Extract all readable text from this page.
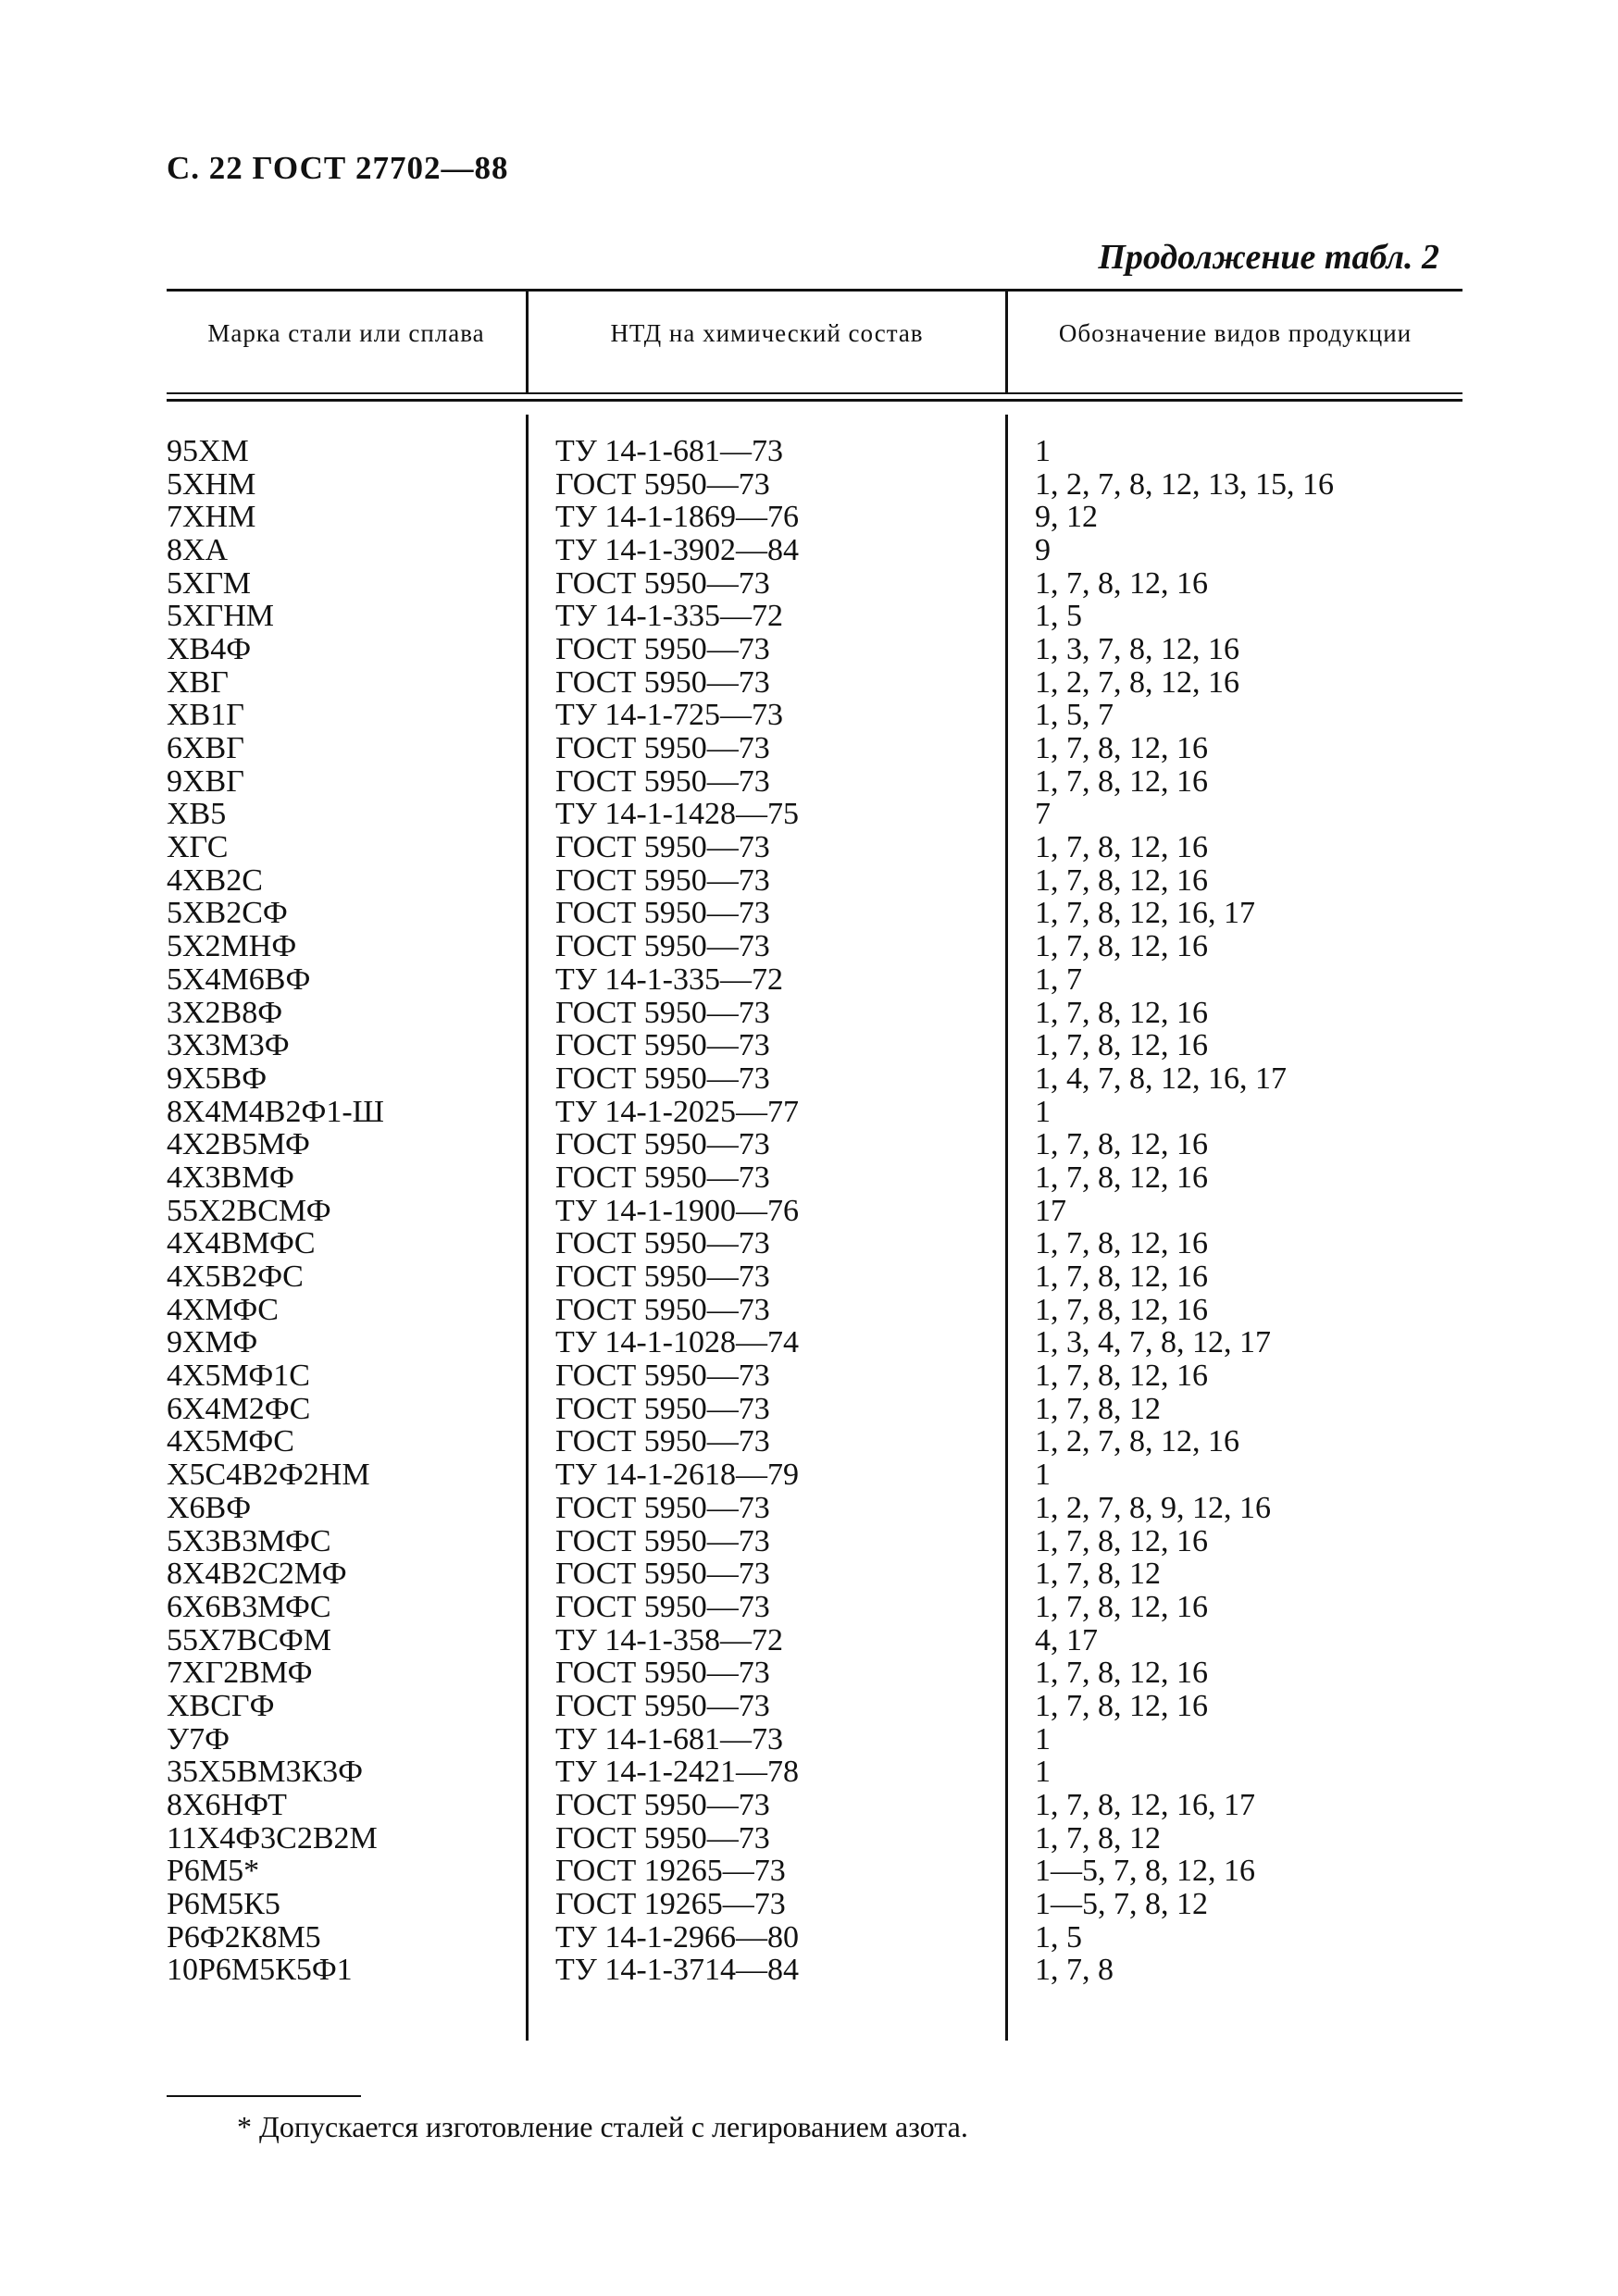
С. 22 ГОСТ 27702—88
Продолжение табл. 2
Марка стали или сплава	НТД на химический состав	Обозначение видов продукции
95ХМ	ТУ 14-1-681—73	1
5ХНМ	ГОСТ 5950—73	1, 2, 7, 8, 12, 13, 15, 16
7ХНМ	ТУ 14-1-1869—76	9, 12
8ХА	ТУ 14-1-3902—84	9
5ХГМ	ГОСТ 5950—73	1, 7, 8, 12, 16
5ХГНМ	ТУ 14-1-335—72	1, 5
ХВ4Ф	ГОСТ 5950—73	1, 3, 7, 8, 12, 16
ХВГ	ГОСТ 5950—73	1, 2, 7, 8, 12, 16
ХВ1Г	ТУ 14-1-725—73	1, 5, 7
6ХВГ	ГОСТ 5950—73	1, 7, 8, 12, 16
9ХВГ	ГОСТ 5950—73	1, 7, 8, 12, 16
ХВ5	ТУ 14-1-1428—75	7
ХГС	ГОСТ 5950—73	1, 7, 8, 12, 16
4ХВ2С	ГОСТ 5950—73	1, 7, 8, 12, 16
5ХВ2СФ	ГОСТ 5950—73	1, 7, 8, 12, 16, 17
5Х2МНФ	ГОСТ 5950—73	1, 7, 8, 12, 16
5Х4М6ВФ	ТУ 14-1-335—72	1, 7
3Х2В8Ф	ГОСТ 5950—73	1, 7, 8, 12, 16
3Х3М3Ф	ГОСТ 5950—73	1, 7, 8, 12, 16
9Х5ВФ	ГОСТ 5950—73	1, 4, 7, 8, 12, 16, 17
8Х4М4В2Ф1-Ш	ТУ 14-1-2025—77	1
4Х2В5МФ	ГОСТ 5950—73	1, 7, 8, 12, 16
4Х3ВМФ	ГОСТ 5950—73	1, 7, 8, 12, 16
55Х2ВСМФ	ТУ 14-1-1900—76	17
4Х4ВМФС	ГОСТ 5950—73	1, 7, 8, 12, 16
4Х5В2ФС	ГОСТ 5950—73	1, 7, 8, 12, 16
4ХМФС	ГОСТ 5950—73	1, 7, 8, 12, 16
9ХМФ	ТУ 14-1-1028—74	1, 3, 4, 7, 8, 12, 17
4Х5МФ1С	ГОСТ 5950—73	1, 7, 8, 12, 16
6Х4М2ФС	ГОСТ 5950—73	1, 7, 8, 12
4Х5МФС	ГОСТ 5950—73	1, 2, 7, 8, 12, 16
Х5С4В2Ф2НМ	ТУ 14-1-2618—79	1
Х6ВФ	ГОСТ 5950—73	1, 2, 7, 8, 9, 12, 16
5Х3В3МФС	ГОСТ 5950—73	1, 7, 8, 12, 16
8Х4В2С2МФ	ГОСТ 5950—73	1, 7, 8, 12
6Х6В3МФС	ГОСТ 5950—73	1, 7, 8, 12, 16
55Х7ВСФМ	ТУ 14-1-358—72	4, 17
7ХГ2ВМФ	ГОСТ 5950—73	1, 7, 8, 12, 16
ХВСГФ	ГОСТ 5950—73	1, 7, 8, 12, 16
У7Ф	ТУ 14-1-681—73	1
35Х5ВМ3К3Ф	ТУ 14-1-2421—78	1
8Х6НФТ	ГОСТ 5950—73	1, 7, 8, 12, 16, 17
11Х4Ф3С2В2М	ГОСТ 5950—73	1, 7, 8, 12
Р6М5*	ГОСТ 19265—73	1—5, 7, 8, 12, 16
Р6М5К5	ГОСТ 19265—73	1—5, 7, 8, 12
Р6Ф2К8М5	ТУ 14-1-2966—80	1, 5
10Р6М5К5Ф1	ТУ 14-1-3714—84	1, 7, 8
* Допускается изготовление сталей с легированием азота.
